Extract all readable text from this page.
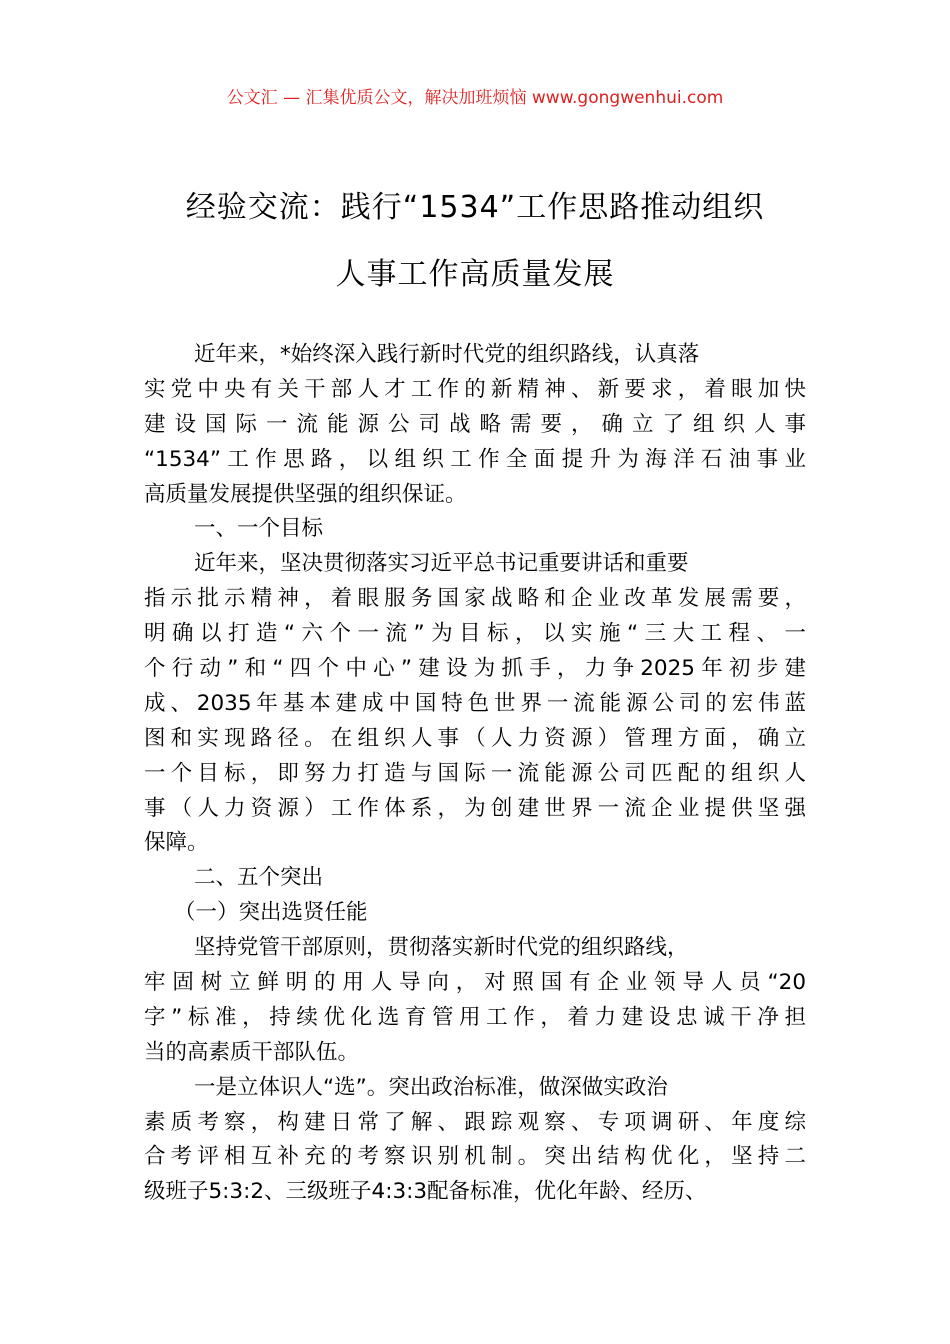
公文汇 — 汇集优质公文，解决加班烦恼 www.gongwenhui.com
经验交流：践行“1534”工作思路推动组织
人事工作高质量发展
近年来，*始终深入践行新时代党的组织路线，认真落
实党中央有关干部人才工作的新精神、新要求，着眼加快
建设国际一流能源公司战略需要，确立了组织人事
“1534”工作思路，以组织工作全面提升为海洋石油事业
高质量发展提供坚强的组织保证。
一、一个目标
近年来，坚决贯彻落实习近平总书记重要讲话和重要
指示批示精神，着眼服务国家战略和企业改革发展需要，
明确以打造“六个一流”为目标，以实施“三大工程、一
个行动”和“四个中心”建设为抓手，力争2025年初步建
成、2035年基本建成中国特色世界一流能源公司的宏伟蓝
图和实现路径。在组织人事（人力资源）管理方面，确立
一个目标，即努力打造与国际一流能源公司匹配的组织人
事（人力资源）工作体系，为创建世界一流企业提供坚强
保障。
二、五个突出
（一）突出选贤任能
坚持党管干部原则，贯彻落实新时代党的组织路线，
牢固树立鲜明的用人导向，对照国有企业领导人员“20
字”标准，持续优化选育管用工作，着力建设忠诚干净担
当的高素质干部队伍。
一是立体识人“选”。突出政治标准，做深做实政治
素质考察，构建日常了解、跟踪观察、专项调研、年度综
合考评相互补充的考察识别机制。突出结构优化，坚持二
级班子5:3:2、三级班子4:3:3配备标准，优化年龄、经历、
